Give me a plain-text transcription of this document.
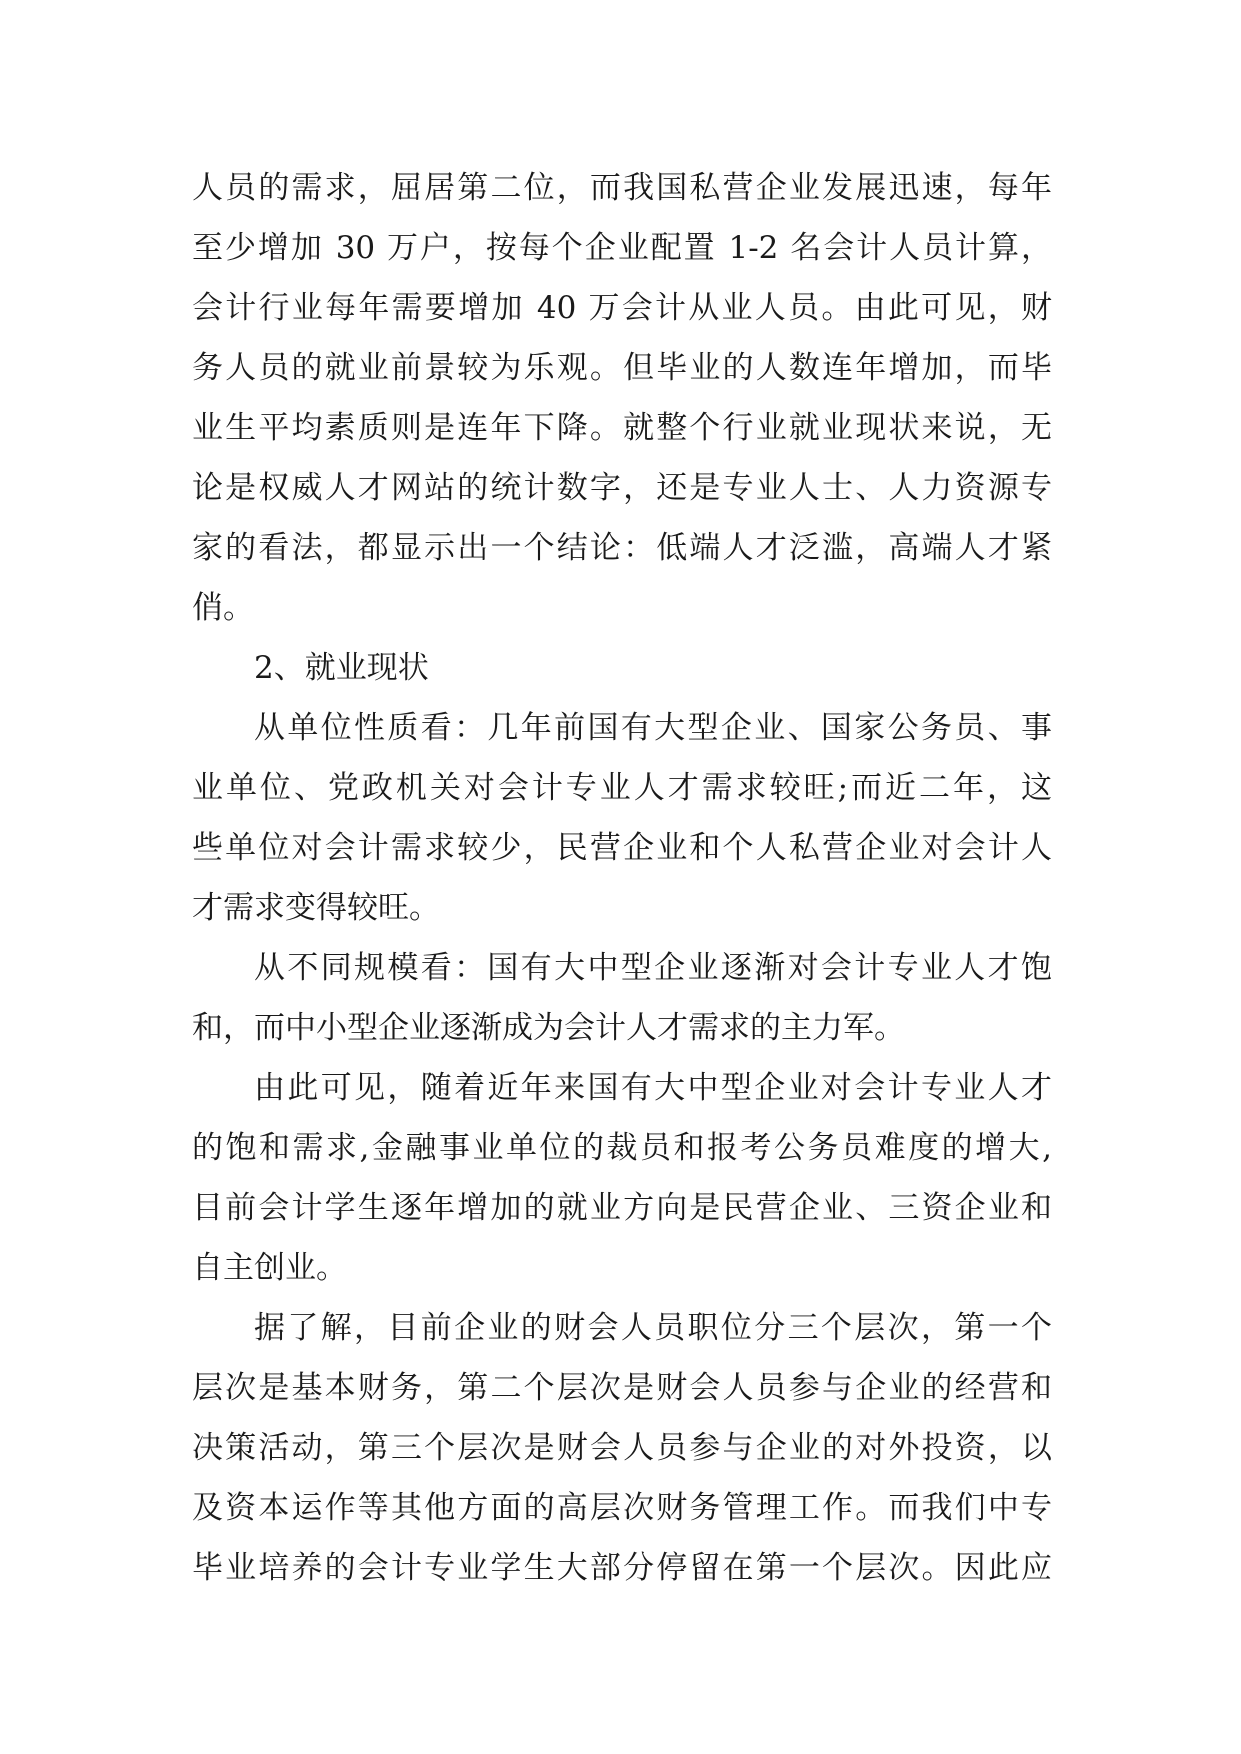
人员的需求，屈居第二位，而我国私营企业发展迅速，每年
至少增加 30 万户，按每个企业配置 1-2 名会计人员计算，
会计行业每年需要增加 40 万会计从业人员。由此可见，财
务人员的就业前景较为乐观。但毕业的人数连年增加，而毕
业生平均素质则是连年下降。就整个行业就业现状来说，无
论是权威人才网站的统计数字，还是专业人士、人力资源专
家的看法，都显示出一个结论：低端人才泛滥，高端人才紧
俏。
2、就业现状
从单位性质看：几年前国有大型企业、国家公务员、事
业单位、党政机关对会计专业人才需求较旺;而近二年，这
些单位对会计需求较少，民营企业和个人私营企业对会计人
才需求变得较旺。
从不同规模看：国有大中型企业逐渐对会计专业人才饱
和，而中小型企业逐渐成为会计人才需求的主力军。
由此可见，随着近年来国有大中型企业对会计专业人才
的饱和需求,金融事业单位的裁员和报考公务员难度的增大,
目前会计学生逐年增加的就业方向是民营企业、三资企业和
自主创业。
据了解，目前企业的财会人员职位分三个层次，第一个
层次是基本财务，第二个层次是财会人员参与企业的经营和
决策活动，第三个层次是财会人员参与企业的对外投资，以
及资本运作等其他方面的高层次财务管理工作。而我们中专
毕业培养的会计专业学生大部分停留在第一个层次。因此应
